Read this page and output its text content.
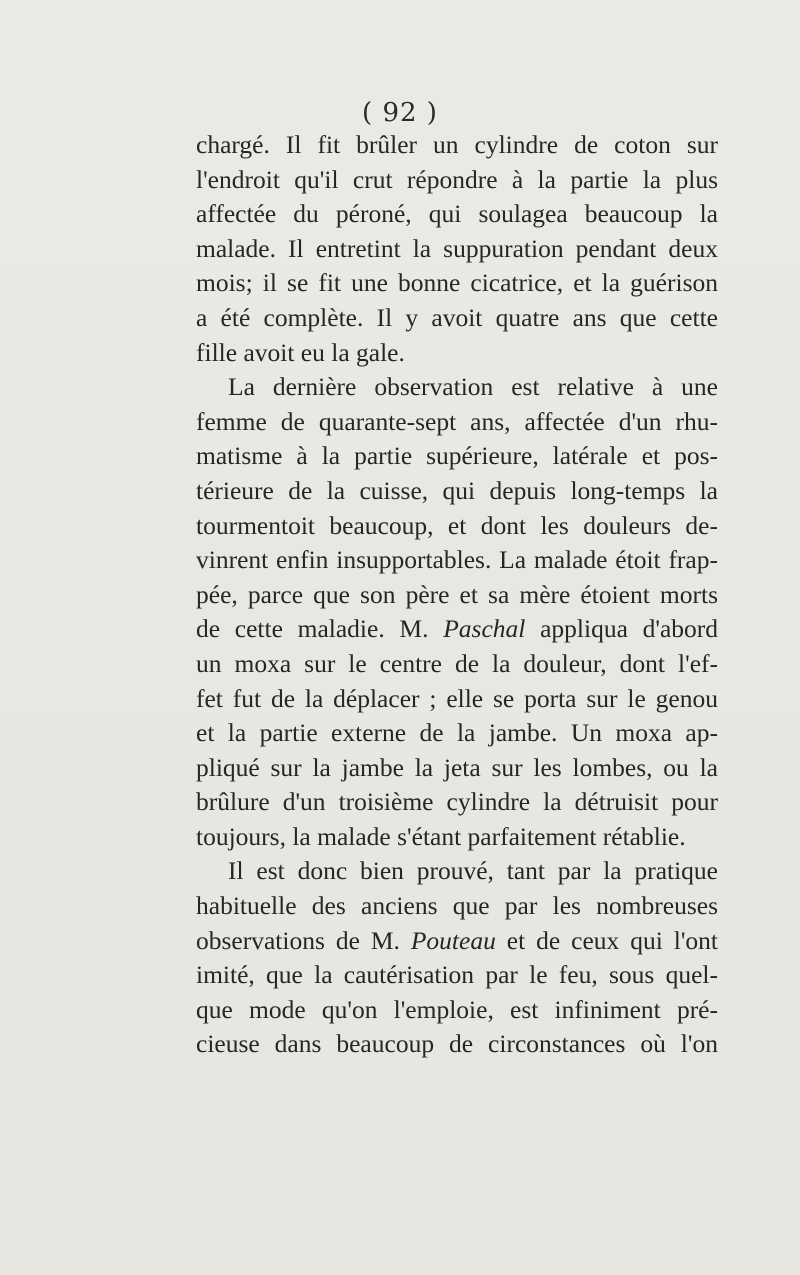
( 92 )
chargé. Il fit brûler un cylindre de coton sur
l'endroit qu'il crut répondre à la partie la plus
affectée du péroné, qui soulagea beaucoup la
malade. Il entretint la suppuration pendant deux
mois; il se fit une bonne cicatrice, et la guérison
a été complète. Il y avoit quatre ans que cette
fille avoit eu la gale.
La dernière observation est relative à une
femme de quarante-sept ans, affectée d'un rhu-
matisme à la partie supérieure, latérale et pos-
térieure de la cuisse, qui depuis long-temps la
tourmentoit beaucoup, et dont les douleurs de-
vinrent enfin insupportables. La malade étoit frap-
pée, parce que son père et sa mère étoient morts
de cette maladie. M. Paschal appliqua d'abord
un moxa sur le centre de la douleur, dont l'ef-
fet fut de la déplacer ; elle se porta sur le genou
et la partie externe de la jambe. Un moxa ap-
pliqué sur la jambe la jeta sur les lombes, ou la
brûlure d'un troisième cylindre la détruisit pour
toujours, la malade s'étant parfaitement rétablie.
Il est donc bien prouvé, tant par la pratique
habituelle des anciens que par les nombreuses
observations de M. Pouteau et de ceux qui l'ont
imité, que la cautérisation par le feu, sous quel-
que mode qu'on l'emploie, est infiniment pré-
cieuse dans beaucoup de circonstances où l'on
